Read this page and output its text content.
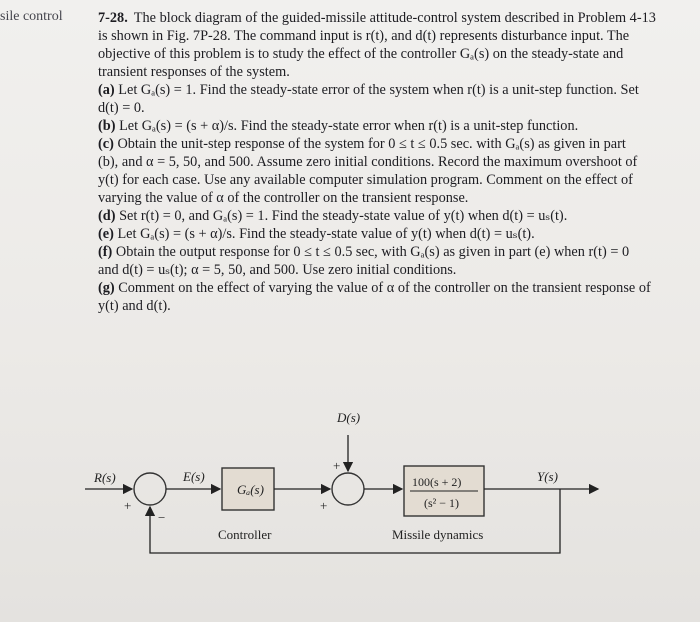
sile control 7-28. The block diagram of the guided-missile attitude-control system described in Problem 4-13
is shown in Fig. 7P-28. The command input is r(t), and d(t) represents disturbance input. The
objective of this problem is to study the effect of the controller Gₐ(s) on the steady-state and
transient responses of the system.
(a) Let Gₐ(s) = 1. Find the steady-state error of the system when r(t) is a unit-step function. Set
d(t) = 0.
(b) Let Gₐ(s) = (s + α)/s. Find the steady-state error when r(t) is a unit-step function.
(c) Obtain the unit-step response of the system for 0 ≤ t ≤ 0.5 sec. with Gₐ(s) as given in part
(b), and α = 5, 50, and 500. Assume zero initial conditions. Record the maximum overshoot of
y(t) for each case. Use any available computer simulation program. Comment on the effect of
varying the value of α of the controller on the transient response.
(d) Set r(t) = 0, and Gₐ(s) = 1. Find the steady-state value of y(t) when d(t) = uₛ(t).
(e) Let Gₐ(s) = (s + α)/s. Find the steady-state value of y(t) when d(t) = uₛ(t).
(f) Obtain the output response for 0 ≤ t ≤ 0.5 sec, with Gₐ(s) as given in part (e) when r(t) = 0
and d(t) = uₛ(t); α = 5, 50, and 500. Use zero initial conditions.
(g) Comment on the effect of varying the value of α of the controller on the transient response of
y(t) and d(t).
R(s)	E(s)
D(s)
Y(s)
Gₐ(s)
Controller
100(s + 2)
(s² − 1)
Missile dynamics
+
−
+
+
